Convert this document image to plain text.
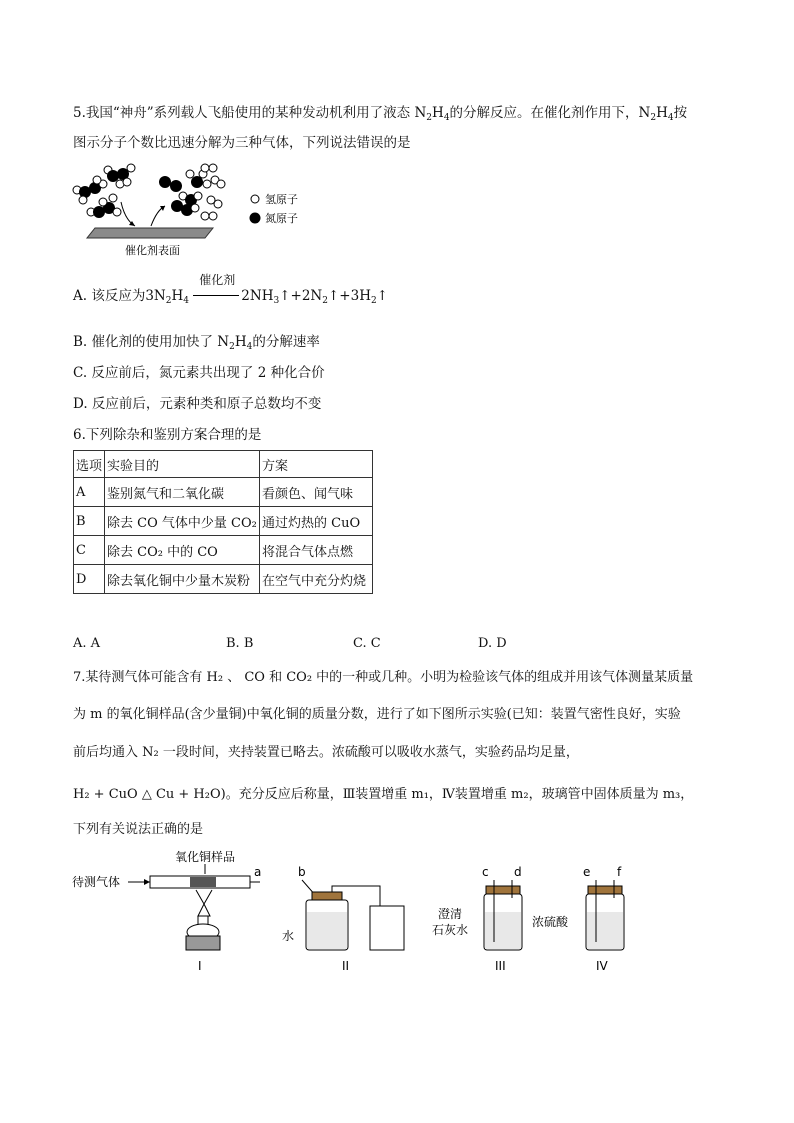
5.我国“神舟”系列载人飞船使用的某种发动机利用了液态 $N_2H_4$的分解反应。在催化剂作用下，$N_2H_4$按
图示分子个数比迅速分解为三种气体，下列说法错误的是
氢原子
氮原子
催化剂表面
A. 该反应为$3N_2H_4$
催化剂
$2NH_3↑+2N_2↑+3H_2↑$
B. 催化剂的使用加快了 $N_2H_4$的分解速率
C. 反应前后，氮元素共出现了 2 种化合价
D. 反应前后，元素种类和原子总数均不变
6.下列除杂和鉴别方案合理的是
选项	实验目的	方案
A	鉴别氮气和二氧化碳	看颜色、闻气味
B	除去 CO 气体中少量 CO₂	通过灼热的 CuO
C	除去 CO₂ 中的 CO	将混合气体点燃
D	除去氧化铜中少量木炭粉	在空气中充分灼烧
A. A	B. B	C. C	D. D
7.某待测气体可能含有 H₂ 、 CO 和 CO₂ 中的一种或几种。小明为检验该气体的组成并用该气体测量某质量
为 m 的氧化铜样品(含少量铜)中氧化铜的质量分数，进行了如下图所示实验(已知：装置气密性良好，实验
前后均通入 N₂ 一段时间，夹持装置已略去。浓硫酸可以吸收水蒸气，实验药品均足量，
H₂ + CuO △ Cu + H₂O)。充分反应后称量，Ⅲ装置增重 m₁，Ⅳ装置增重 m₂，玻璃管中固体质量为 m₃，
下列有关说法正确的是
氧化铜样品
待测气体
a
I
b
水
II
c d
澄清
石灰水
III
e f
浓硫酸
IV
